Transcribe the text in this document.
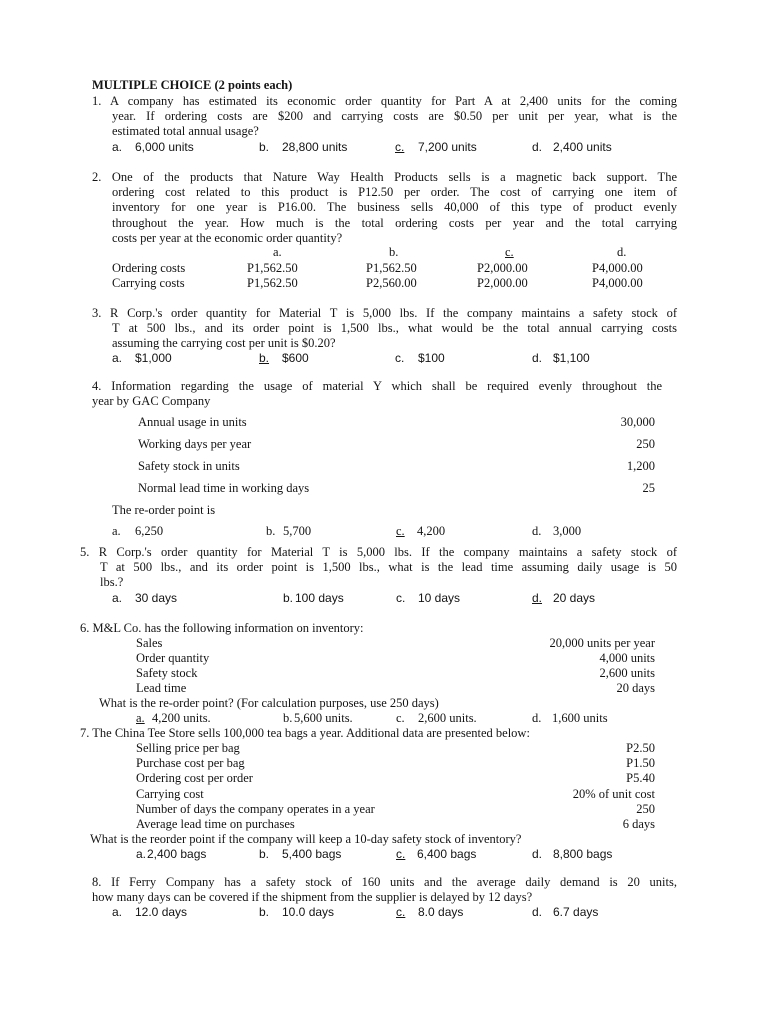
MULTIPLE CHOICE (2 points each)
1. A company has estimated its economic order quantity for Part A at 2,400 units for the coming
year. If ordering costs are $200 and carrying costs are $0.50 per unit per year, what is the
estimated total annual usage?
a. 6,000 units	b. 28,800 units	c. 7,200 units	d. 2,400 units
2. One of the products that Nature Way Health Products sells is a magnetic back support. The
ordering cost related to this product is P12.50 per order. The cost of carrying one item of
inventory for one year is P16.00. The business sells 40,000 of this type of product evenly
throughout the year. How much is the total ordering costs per year and the total carrying
costs per year at the economic order quantity?
a.	b.	c.	d.
Ordering costs	P1,562.50	P1,562.50	P2,000.00	P4,000.00
Carrying costs	P1,562.50	P2,560.00	P2,000.00	P4,000.00
3. R Corp.'s order quantity for Material T is 5,000 lbs. If the company maintains a safety stock of
T at 500 lbs., and its order point is 1,500 lbs., what would be the total annual carrying costs
assuming the carrying cost per unit is $0.20?
a. $1,000	b. $600	c. $100	d. $1,100
4. Information regarding the usage of material Y which shall be required evenly throughout the
year by GAC Company
Annual usage in units	30,000
Working days per year	250
Safety stock in units	1,200
Normal lead time in working days	25
The re-order point is
a. 6,250	b. 5,700	c. 4,200	d. 3,000
5. R Corp.'s order quantity for Material T is 5,000 lbs. If the company maintains a safety stock of
T at 500 lbs., and its order point is 1,500 lbs., what is the lead time assuming daily usage is 50
lbs.?
a. 30 days	b. 100 days	c. 10 days	d. 20 days
6. M&L Co. has the following information on inventory:
Sales	20,000 units per year
Order quantity	4,000 units
Safety stock	2,600 units
Lead time	20 days
What is the re-order point? (For calculation purposes, use 250 days)
a. 4,200 units.	b. 5,600 units.	c. 2,600 units.	d. 1,600 units
7. The China Tee Store sells 100,000 tea bags a year. Additional data are presented below:
Selling price per bag	P2.50
Purchase cost per bag	P1.50
Ordering cost per order	P5.40
Carrying cost	20% of unit cost
Number of days the company operates in a year	250
Average lead time on purchases	6 days
What is the reorder point if the company will keep a 10-day safety stock of inventory?
a. 2,400 bags	b. 5,400 bags	c. 6,400 bags	d. 8,800 bags
8. If Ferry Company has a safety stock of 160 units and the average daily demand is 20 units,
how many days can be covered if the shipment from the supplier is delayed by 12 days?
a. 12.0 days	b. 10.0 days	c. 8.0 days	d. 6.7 days
